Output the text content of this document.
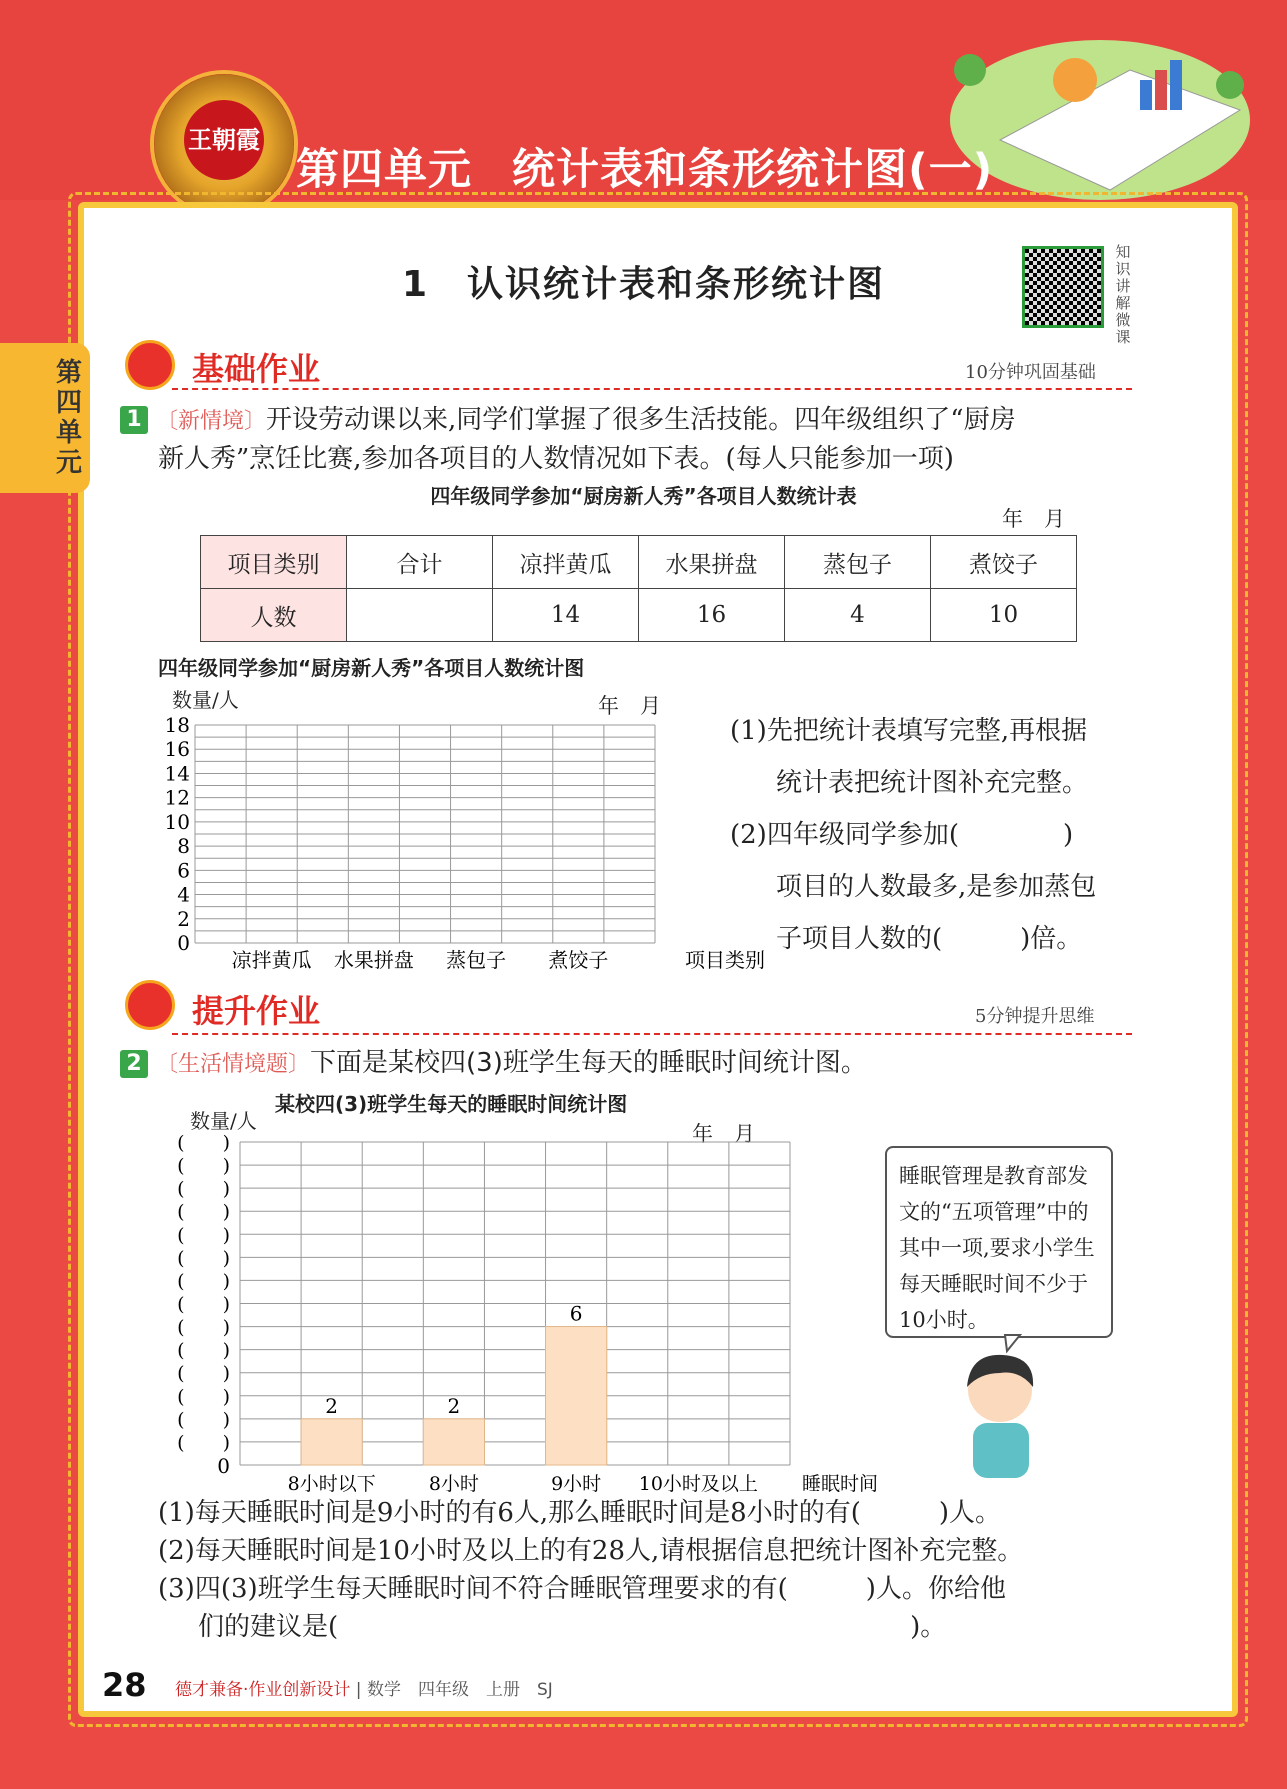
王朝霞
第四单元 统计表和条形统计图(一)
第四单元
1　认识统计表和条形统计图
知识讲解微课
基础作业	10分钟巩固基础
1 〔新情境〕开设劳动课以来,同学们掌握了很多生活技能。四年级组织了“厨房
新人秀”烹饪比赛,参加各项目的人数情况如下表。(每人只能参加一项)
四年级同学参加“厨房新人秀”各项目人数统计表
年　月
项目类别	合计	凉拌黄瓜	水果拼盘	蒸包子	煮饺子
人数		14	16	4	10
四年级同学参加“厨房新人秀”各项目人数统计图
数量/人	年　月
0
2
4
6
8
10
12
14
16
18
凉拌黄瓜 水果拼盘 蒸包子 煮饺子	项目类别
(1)先把统计表填写完整,再根据
统计表把统计图补充完整。
(2)四年级同学参加(　　　　)
项目的人数最多,是参加蒸包
子项目人数的(　　　)倍。
提升作业	5分钟提升思维
2 〔生活情境题〕下面是某校四(3)班学生每天的睡眠时间统计图。
某校四(3)班学生每天的睡眠时间统计图
数量/人
年　月
(　　)
(　　)
(　　)
(　　)
(　　)
(　　)
(　　)
(　　)
(　　)
(　　)
(　　)
(　　)
(　　)
(　　)
0
2
8小时以下
2
8小时
6
9小时 10小时及以上 睡眠时间
睡眠管理是教育部发文的“五项管理”中的其中一项,要求小学生每天睡眠时间不少于10小时。
(1)每天睡眠时间是9小时的有6人,那么睡眠时间是8小时的有(　　　)人。
(2)每天睡眠时间是10小时及以上的有28人,请根据信息把统计图补充完整。
(3)四(3)班学生每天睡眠时间不符合睡眠管理要求的有(　　　)人。你给他
们的建议是(　　　　　　　　　　　　　　　　　　　　　　)。
28 德才兼备·作业创新设计 | 数学　四年级　上册　SJ
